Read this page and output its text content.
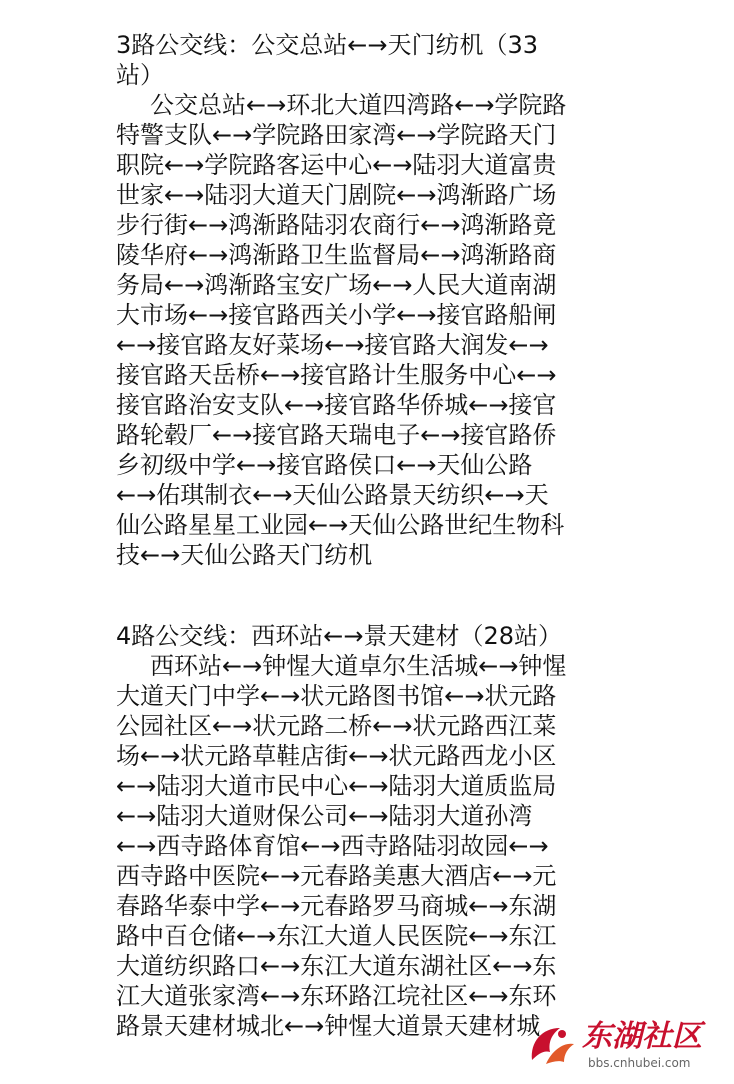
3路公交线：公交总站←→天门纺机（33
站）
公交总站←→环北大道四湾路←→学院路
特警支队←→学院路田家湾←→学院路天门
职院←→学院路客运中心←→陆羽大道富贵
世家←→陆羽大道天门剧院←→鸿渐路广场
步行街←→鸿渐路陆羽农商行←→鸿渐路竟
陵华府←→鸿渐路卫生监督局←→鸿渐路商
务局←→鸿渐路宝安广场←→人民大道南湖
大市场←→接官路西关小学←→接官路船闸
←→接官路友好菜场←→接官路大润发←→
接官路天岳桥←→接官路计生服务中心←→
接官路治安支队←→接官路华侨城←→接官
路轮毂厂←→接官路天瑞电子←→接官路侨
乡初级中学←→接官路侯口←→天仙公路
←→佑琪制衣←→天仙公路景天纺织←→天
仙公路星星工业园←→天仙公路世纪生物科
技←→天仙公路天门纺机
4路公交线：西环站←→景天建材（28站）
西环站←→钟惺大道卓尔生活城←→钟惺
大道天门中学←→状元路图书馆←→状元路
公园社区←→状元路二桥←→状元路西江菜
场←→状元路草鞋店街←→状元路西龙小区
←→陆羽大道市民中心←→陆羽大道质监局
←→陆羽大道财保公司←→陆羽大道孙湾
←→西寺路体育馆←→西寺路陆羽故园←→
西寺路中医院←→元春路美惠大酒店←→元
春路华泰中学←→元春路罗马商城←→东湖
路中百仓储←→东江大道人民医院←→东江
大道纺织路口←→东江大道东湖社区←→东
江大道张家湾←→东环路江垸社区←→东环
路景天建材城北←→钟惺大道景天建材城	东湖社区
bbs.cnhubei.com
